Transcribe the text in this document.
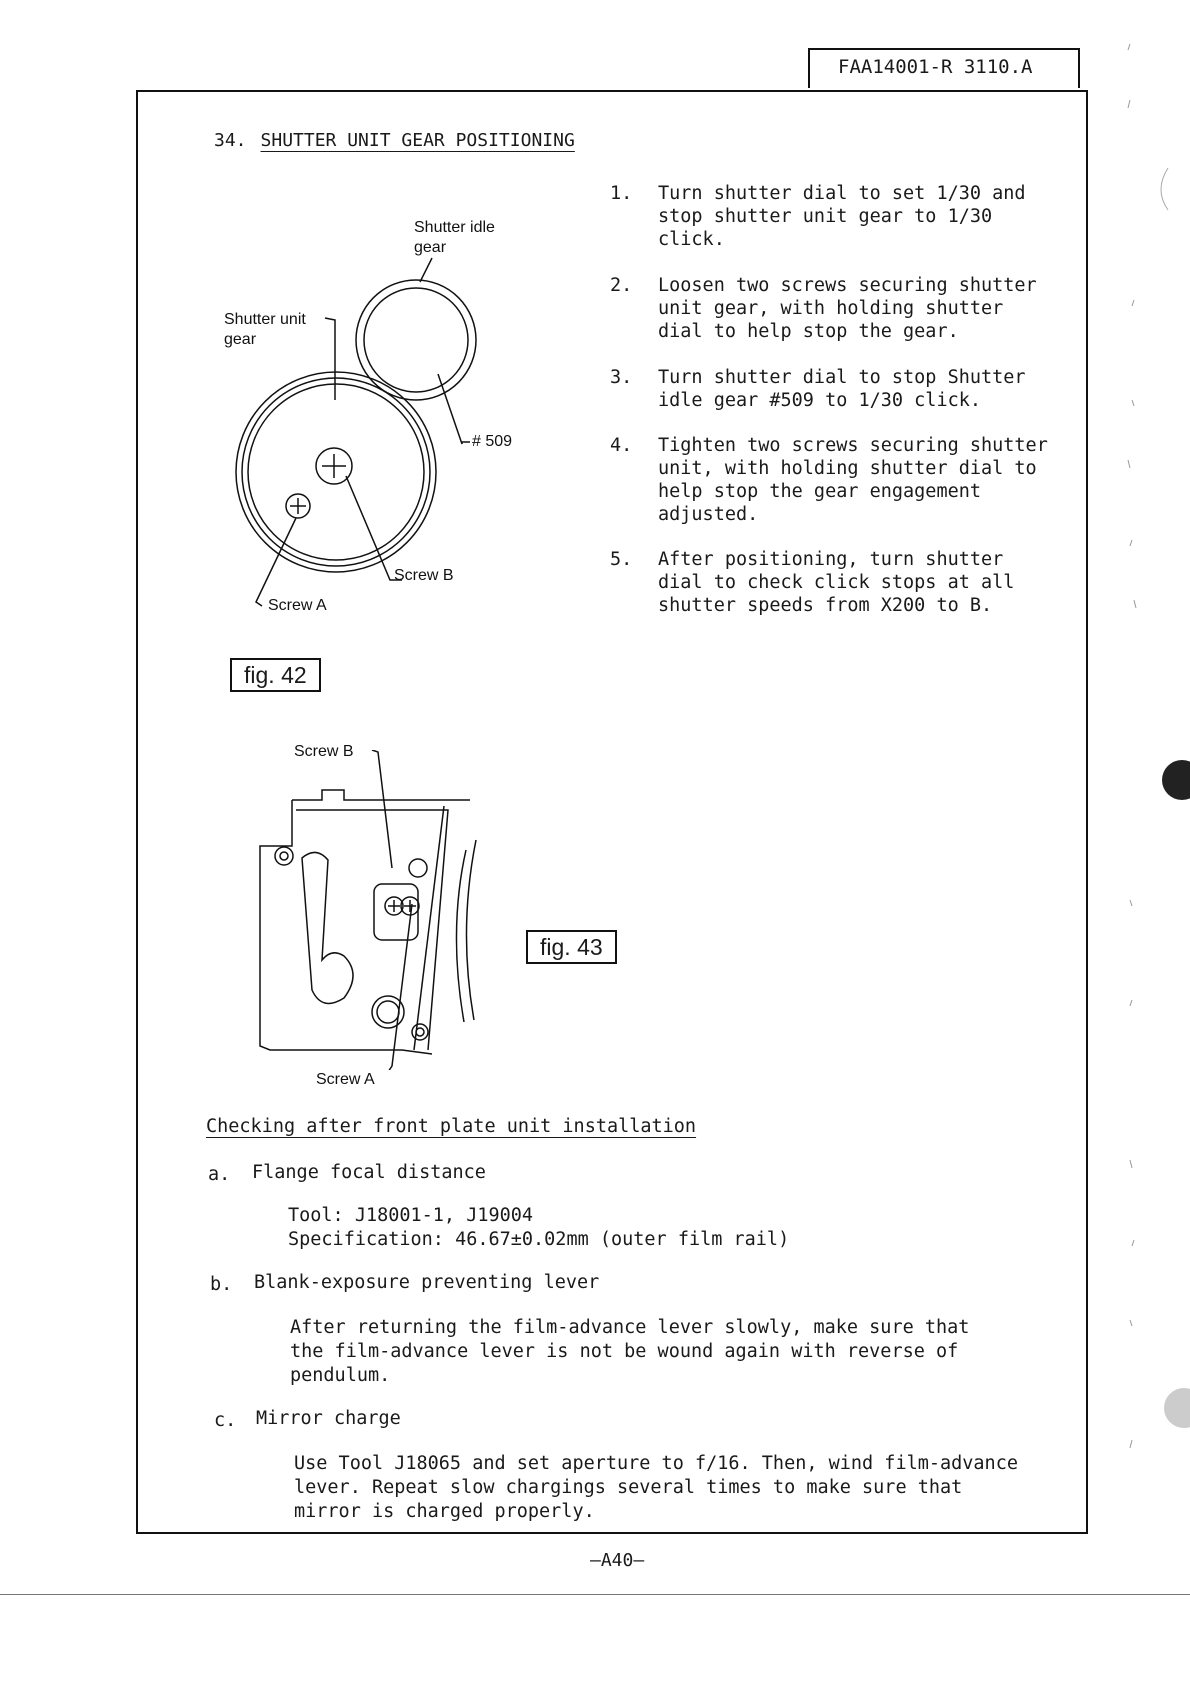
FAA14001-R 3110.A
34. SHUTTER UNIT GEAR POSITIONING
1. Turn shutter dial to set 1/30 and
stop shutter unit gear to 1/30
click.
2. Loosen two screws securing shutter
unit gear, with holding shutter
dial to help stop the gear.
3. Turn shutter dial to stop Shutter
idle gear #509 to 1/30 click.
4. Tighten two screws securing shutter
unit, with holding shutter dial to
help stop the gear engagement
adjusted.
5. After positioning, turn shutter
dial to check click stops at all
shutter speeds from X200 to B.
Shutter idle
gear
Shutter unit
gear
# 509
Screw B
Screw A
fig. 42
Screw B
Screw A
fig. 43
Checking after front plate unit installation
a. Flange focal distance
Tool: J18001-1, J19004
Specification: 46.67±0.02mm (outer film rail)
b. Blank-exposure preventing lever
After returning the film-advance lever slowly, make sure that
the film-advance lever is not be wound again with reverse of
pendulum.
c. Mirror charge
Use Tool J18065 and set aperture to f/16. Then, wind film-advance
lever. Repeat slow chargings several times to make sure that
mirror is charged properly.
—A40—
